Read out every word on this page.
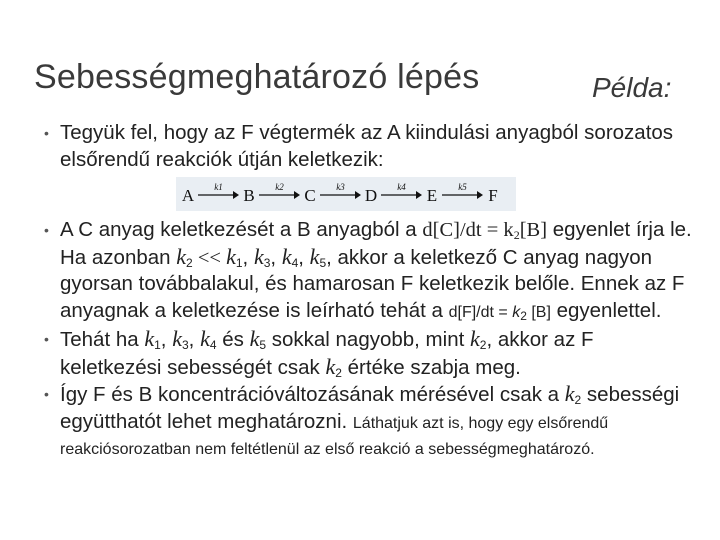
Sebességmeghatározó lépés	Példa:
• Tegyük fel, hogy az F végtermék az A kiindulási anyagból sorozatos elsőrendű reakciók útján keletkezik:
A	B	C	D	E	F
k1	k2	k3	k4	k5
• A C anyag keletkezését a B anyagból a $d[C]/dt = k_2[B]$ egyenlet írja le. Ha azonban $k_2 << k_1$, $k_3$, $k_4$, $k_5$, akkor a keletkező C anyag nagyon gyorsan továbbalakul, és hamarosan F keletkezik belőle. Ennek az F anyagnak a keletkezése is leírható tehát a $d[F]/dt = k_2$ [B] egyenlettel.
• Tehát ha $k_1$, $k_3$, $k_4$ és $k_5$ sokkal nagyobb, mint $k_2$, akkor az F keletkezési sebességét csak $k_2$ értéke szabja meg.
• Így F és B koncentrációváltozásának mérésével csak a $k_2$ sebességi együtthatót lehet meghatározni. Láthatjuk azt is, hogy egy elsőrendű reakciósorozatban nem feltétlenül az első reakció a sebességmeghatározó.
